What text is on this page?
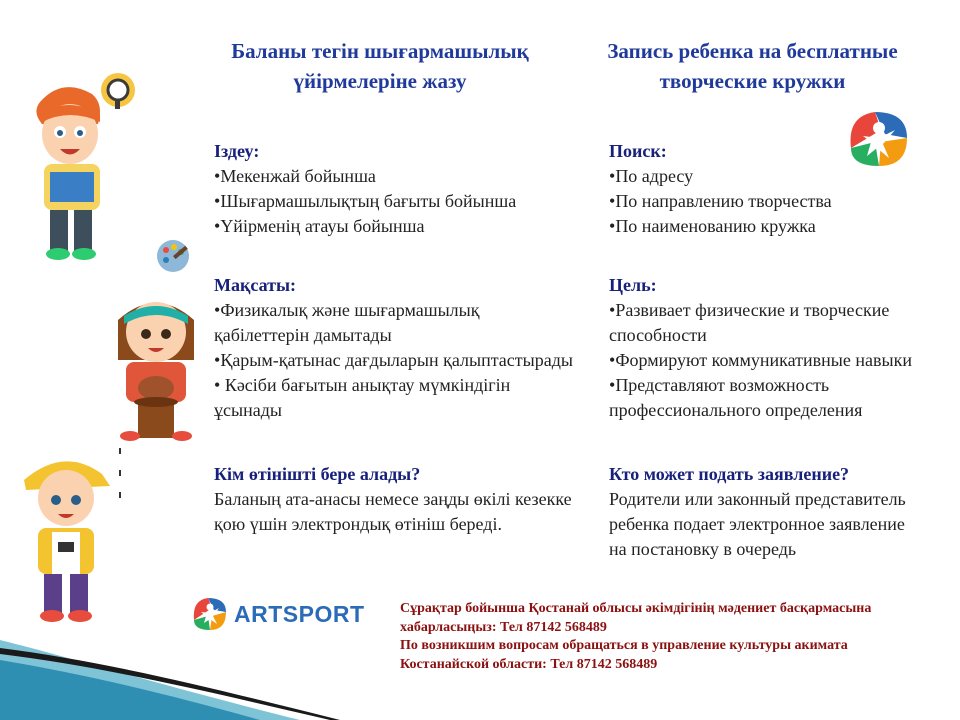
Баланы тегін шығармашылық үйірмелеріне жазу
Запись ребенка на бесплатные творческие кружки

Іздеу:

• Мекенжай бойынша

• Шығармашылықтың бағыты бойынша

• Үйірменің атауы бойынша

Мақсаты:

• Физикалық және шығармашылық қабілеттерін дамытады

• Қарым-қатынас дағдыларын қалыптастырады

• Кәсіби бағытын анықтау мүмкіндігін ұсынады

Кім өтінішті бере алады?

Баланың ата-анасы немесе заңды өкілі кезекке қою үшін электрондық өтініш береді.

Поиск:

• По адресу

• По направлению творчества

• По наименованию кружка

Цель:

• Развивает физические и творческие способности

• Формируют коммуникативные навыки

• Представляют возможность профессионального определения

Кто может подать заявление?

Родители или законный представитель ребенка подает электронное заявление на постановку в очередь

ARTSPORT	Сұрақтар бойынша Қостанай облысы әкімдігінің мәдениет басқармасына
хабарласыңыз: Тел 87142 568489
По возникшим вопросам обращаться в управление культуры акимата
Костанайской области: Тел 87142 568489
